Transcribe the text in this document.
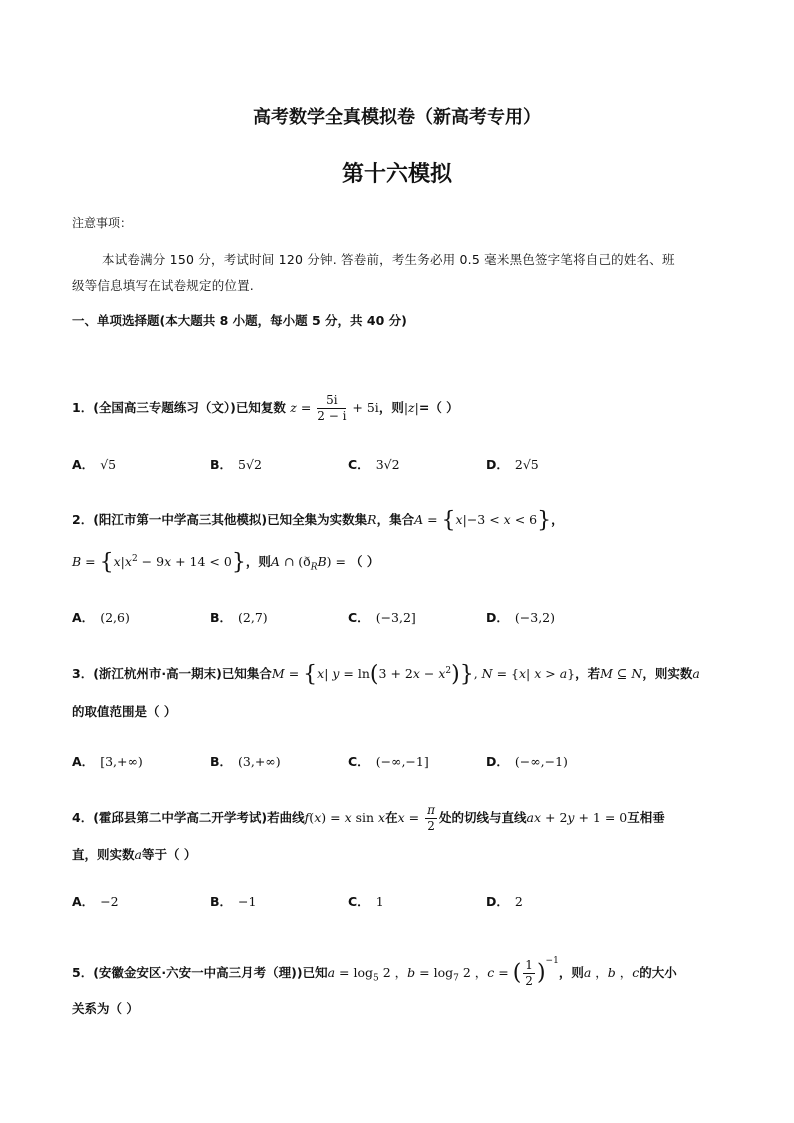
高考数学全真模拟卷（新高考专用）
第十六模拟
注意事项：
本试卷满分 150 分，考试时间 120 分钟. 答卷前，考生务必用 0.5 毫米黑色签字笔将自己的姓名、班
级等信息填写在试卷规定的位置.
一、单项选择题(本大题共 8 小题，每小题 5 分，共 40 分)
1．(全国高三专题练习（文）)已知复数 $z = \frac{5i}{2 - i} + 5i$，则|z|=（ ）
A． √5	B． 5√2	C． 3√2	D． 2√5
2．(阳江市第一中学高三其他模拟)已知全集为实数集R，集合A = {x|−3 < x < 6}，
$B = \{x|x^2 - 9x + 14 < 0\}$，则A ∩ $(ð_RB)$ = （ ）
A． (2,6)	B． (2,7)	C． (−3,2]	D． (−3,2)
3．(浙江杭州市·高一期末)已知集合M = {x| $y = \ln(3 + 2x - x^2)$}, N = {x| x > a}，若M ⊆ N，则实数a
的取值范围是（ ）
A． [3,+∞)	B． (3,+∞)	C． (−∞,−1]	D． (−∞,−1)
4．(霍邱县第二中学高二开学考试)若曲线f(x) = x sin x在$x = \frac{\pi}{2}$ 处的切线与直线ax + 2y + 1 = 0互相垂
直，则实数a等于（ ）
A． −2	B． −1	C． 1	D． 2
5．(安徽金安区·六安一中高三月考（理))已知$a = \log_5 2$ ，$b = \log_7 2$ ，c = ( $\frac{1}{2} )^{-1}$，则a ，b ，c的大小
关系为（ ）
